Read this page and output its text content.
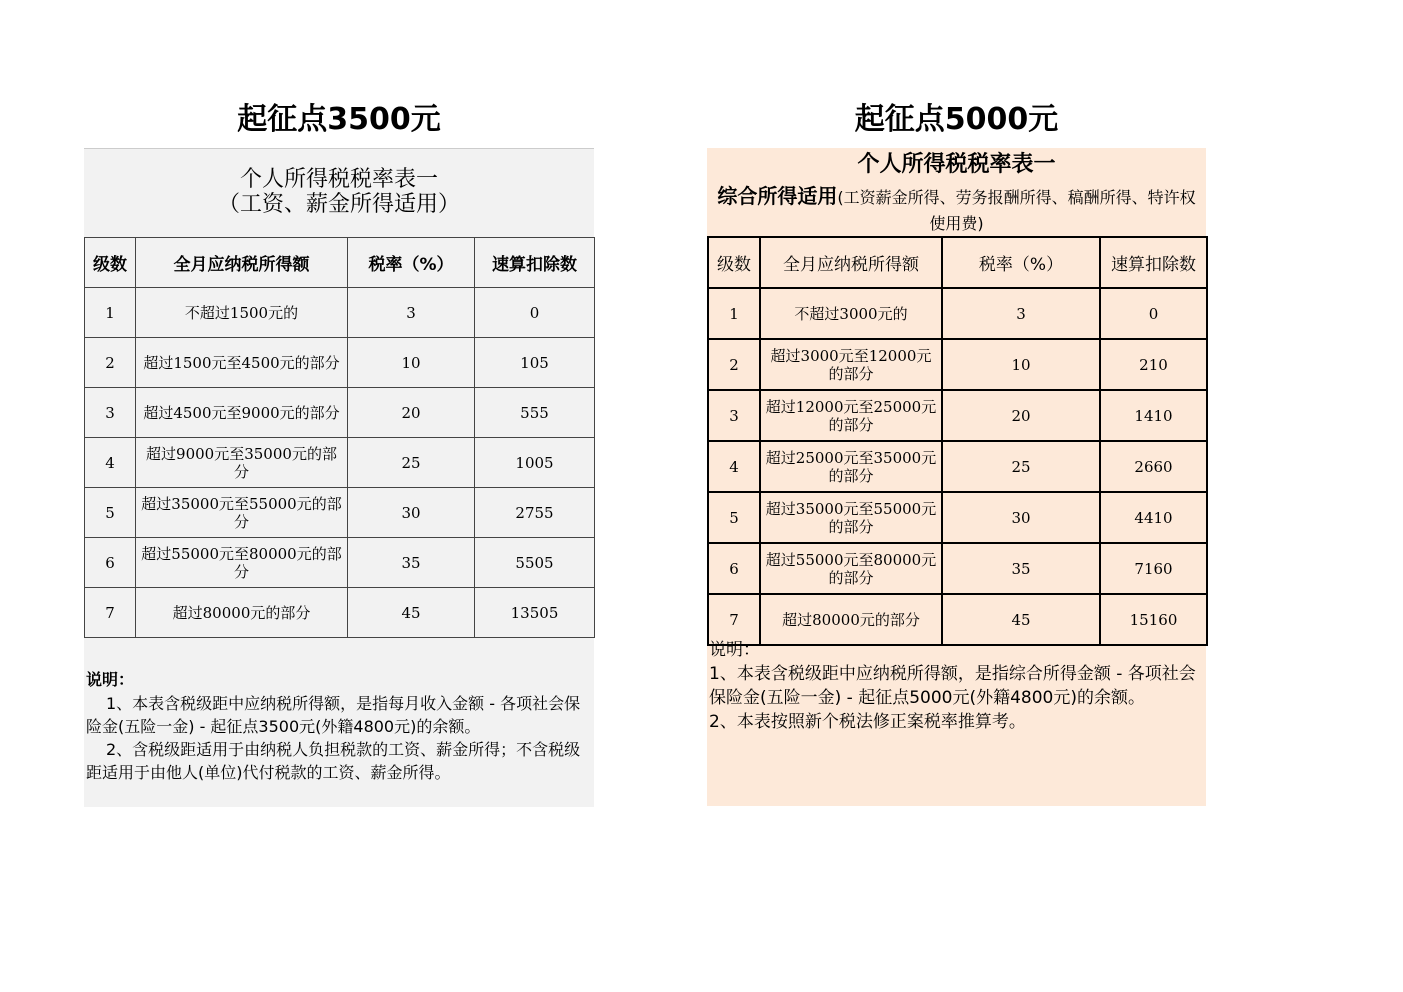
起征点3500元
个人所得税税率表一
（工资、薪金所得适用）
级数	全月应纳税所得额	税率（%）	速算扣除数
1	不超过1500元的	3	0
2	超过1500元至4500元的部分	10	105
3	超过4500元至9000元的部分	20	555
4	超过9000元至35000元的部分	25	1005
5	超过35000元至55000元的部分	30	2755
6	超过55000元至80000元的部分	35	5505
7	超过80000元的部分	45	13505
说明：
1、本表含税级距中应纳税所得额，是指每月收入金额 - 各项社会保险金(五险一金) - 起征点3500元(外籍4800元)的余额。
2、含税级距适用于由纳税人负担税款的工资、薪金所得；不含税级距适用于由他人(单位)代付税款的工资、薪金所得。
起征点5000元
个人所得税税率表一
综合所得适用(工资薪金所得、劳务报酬所得、稿酬所得、特许权使用费)
级数	全月应纳税所得额	税率（%）	速算扣除数
1	不超过3000元的	3	0
2	超过3000元至12000元的部分	10	210
3	超过12000元至25000元的部分	20	1410
4	超过25000元至35000元的部分	25	2660
5	超过35000元至55000元的部分	30	4410
6	超过55000元至80000元的部分	35	7160
7	超过80000元的部分	45	15160
说明：
1、本表含税级距中应纳税所得额，是指综合所得金额 - 各项社会保险金(五险一金) - 起征点5000元(外籍4800元)的余额。
2、本表按照新个税法修正案税率推算考。
